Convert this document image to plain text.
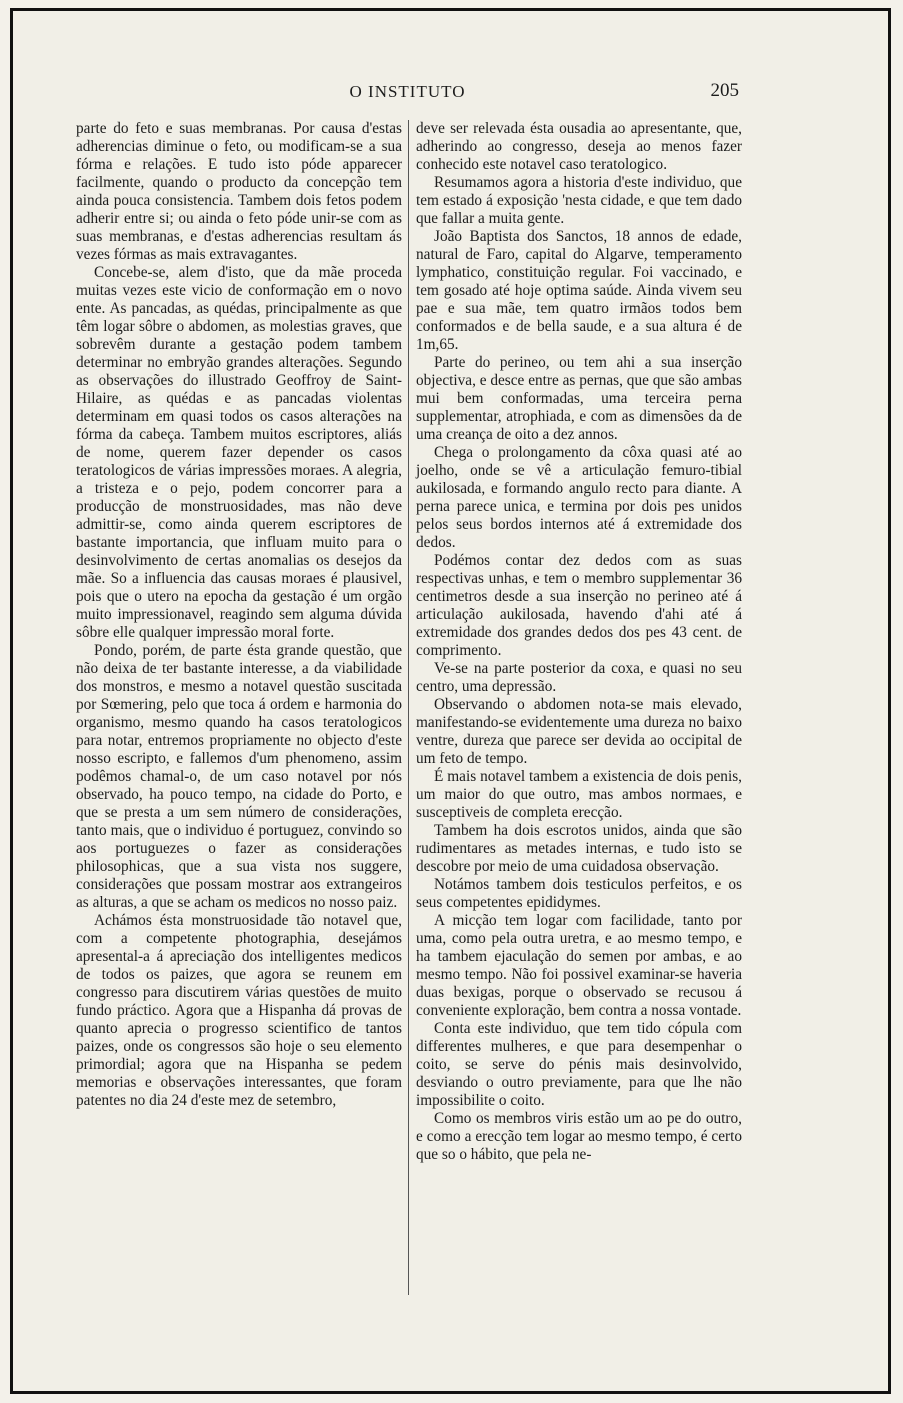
O INSTITUTO	205

parte do feto e suas membranas. Por causa d'estas adherencias diminue o feto, ou modificam-se a sua fórma e relações. E tudo isto póde apparecer facilmente, quando o producto da concepção tem ainda pouca consistencia. Tambem dois fetos podem adherir entre si; ou ainda o feto póde unir-se com as suas membranas, e d'estas adherencias resultam ás vezes fórmas as mais extravagantes.

Concebe-se, alem d'isto, que da mãe proceda muitas vezes este vicio de conformação em o novo ente. As pancadas, as quédas, principalmente as que têm logar sôbre o abdomen, as molestias graves, que sobrevêm durante a gestação podem tambem determinar no embryão grandes alterações. Segundo as observações do illustrado Geoffroy de Saint-Hilaire, as quédas e as pancadas violentas determinam em quasi todos os casos alterações na fórma da cabeça. Tambem muitos escriptores, aliás de nome, querem fazer depender os casos teratologicos de várias impressões moraes. A alegria, a tristeza e o pejo, podem concorrer para a producção de monstruosidades, mas não deve admittir-se, como ainda querem escriptores de bastante importancia, que influam muito para o desinvolvimento de certas anomalias os desejos da mãe. So a influencia das causas moraes é plausivel, pois que o utero na epocha da gestação é um orgão muito impressionavel, reagindo sem alguma dúvida sôbre elle qualquer impressão moral forte.

Pondo, porém, de parte ésta grande questão, que não deixa de ter bastante interesse, a da viabilidade dos monstros, e mesmo a notavel questão suscitada por Sœmering, pelo que toca á ordem e harmonia do organismo, mesmo quando ha casos teratologicos para notar, entremos propriamente no objecto d'este nosso escripto, e fallemos d'um phenomeno, assim podêmos chamal-o, de um caso notavel por nós observado, ha pouco tempo, na cidade do Porto, e que se presta a um sem número de considerações, tanto mais, que o individuo é portuguez, convindo so aos portuguezes o fazer as considerações philosophicas, que a sua vista nos suggere, considerações que possam mostrar aos extrangeiros as alturas, a que se acham os medicos no nosso paiz.

Achámos ésta monstruosidade tão notavel que, com a competente photographia, desejámos apresental-a á apreciação dos intelligentes medicos de todos os paizes, que agora se reunem em congresso para discutirem várias questões de muito fundo práctico. Agora que a Hispanha dá provas de quanto aprecia o progresso scientifico de tantos paizes, onde os congressos são hoje o seu elemento primordial; agora que na Hispanha se pedem memorias e observações interessantes, que foram patentes no dia 24 d'este mez de setembro,

deve ser relevada ésta ousadia ao apresentante, que, adherindo ao congresso, deseja ao menos fazer conhecido este notavel caso teratologico.

Resumamos agora a historia d'este individuo, que tem estado á exposição 'nesta cidade, e que tem dado que fallar a muita gente.

João Baptista dos Sanctos, 18 annos de edade, natural de Faro, capital do Algarve, temperamento lymphatico, constituição regular. Foi vaccinado, e tem gosado até hoje optima saúde. Ainda vivem seu pae e sua mãe, tem quatro irmãos todos bem conformados e de bella saude, e a sua altura é de 1m,65.

Parte do perineo, ou tem ahi a sua inserção objectiva, e desce entre as pernas, que que são ambas mui bem conformadas, uma terceira perna supplementar, atrophiada, e com as dimensões da de uma creança de oito a dez annos.

Chega o prolongamento da côxa quasi até ao joelho, onde se vê a articulação femuro-tibial aukilosada, e formando angulo recto para diante. A perna parece unica, e termina por dois pes unidos pelos seus bordos internos até á extremidade dos dedos.

Podémos contar dez dedos com as suas respectivas unhas, e tem o membro supplementar 36 centimetros desde a sua inserção no perineo até á articulação aukilosada, havendo d'ahi até á extremidade dos grandes dedos dos pes 43 cent. de comprimento.

Ve-se na parte posterior da coxa, e quasi no seu centro, uma depressão.

Observando o abdomen nota-se mais elevado, manifestando-se evidentemente uma dureza no baixo ventre, dureza que parece ser devida ao occipital de um feto de tempo.

É mais notavel tambem a existencia de dois penis, um maior do que outro, mas ambos normaes, e susceptiveis de completa erecção.

Tambem ha dois escrotos unidos, ainda que são rudimentares as metades internas, e tudo isto se descobre por meio de uma cuidadosa observação.

Notámos tambem dois testiculos perfeitos, e os seus competentes epididymes.

A micção tem logar com facilidade, tanto por uma, como pela outra uretra, e ao mesmo tempo, e ha tambem ejaculação do semen por ambas, e ao mesmo tempo. Não foi possivel examinar-se haveria duas bexigas, porque o observado se recusou á conveniente exploração, bem contra a nossa vontade.

Conta este individuo, que tem tido cópula com differentes mulheres, e que para desempenhar o coito, se serve do pénis mais desinvolvido, desviando o outro previamente, para que lhe não impossibilite o coito.

Como os membros viris estão um ao pe do outro, e como a erecção tem logar ao mesmo tempo, é certo que so o hábito, que pela ne-
